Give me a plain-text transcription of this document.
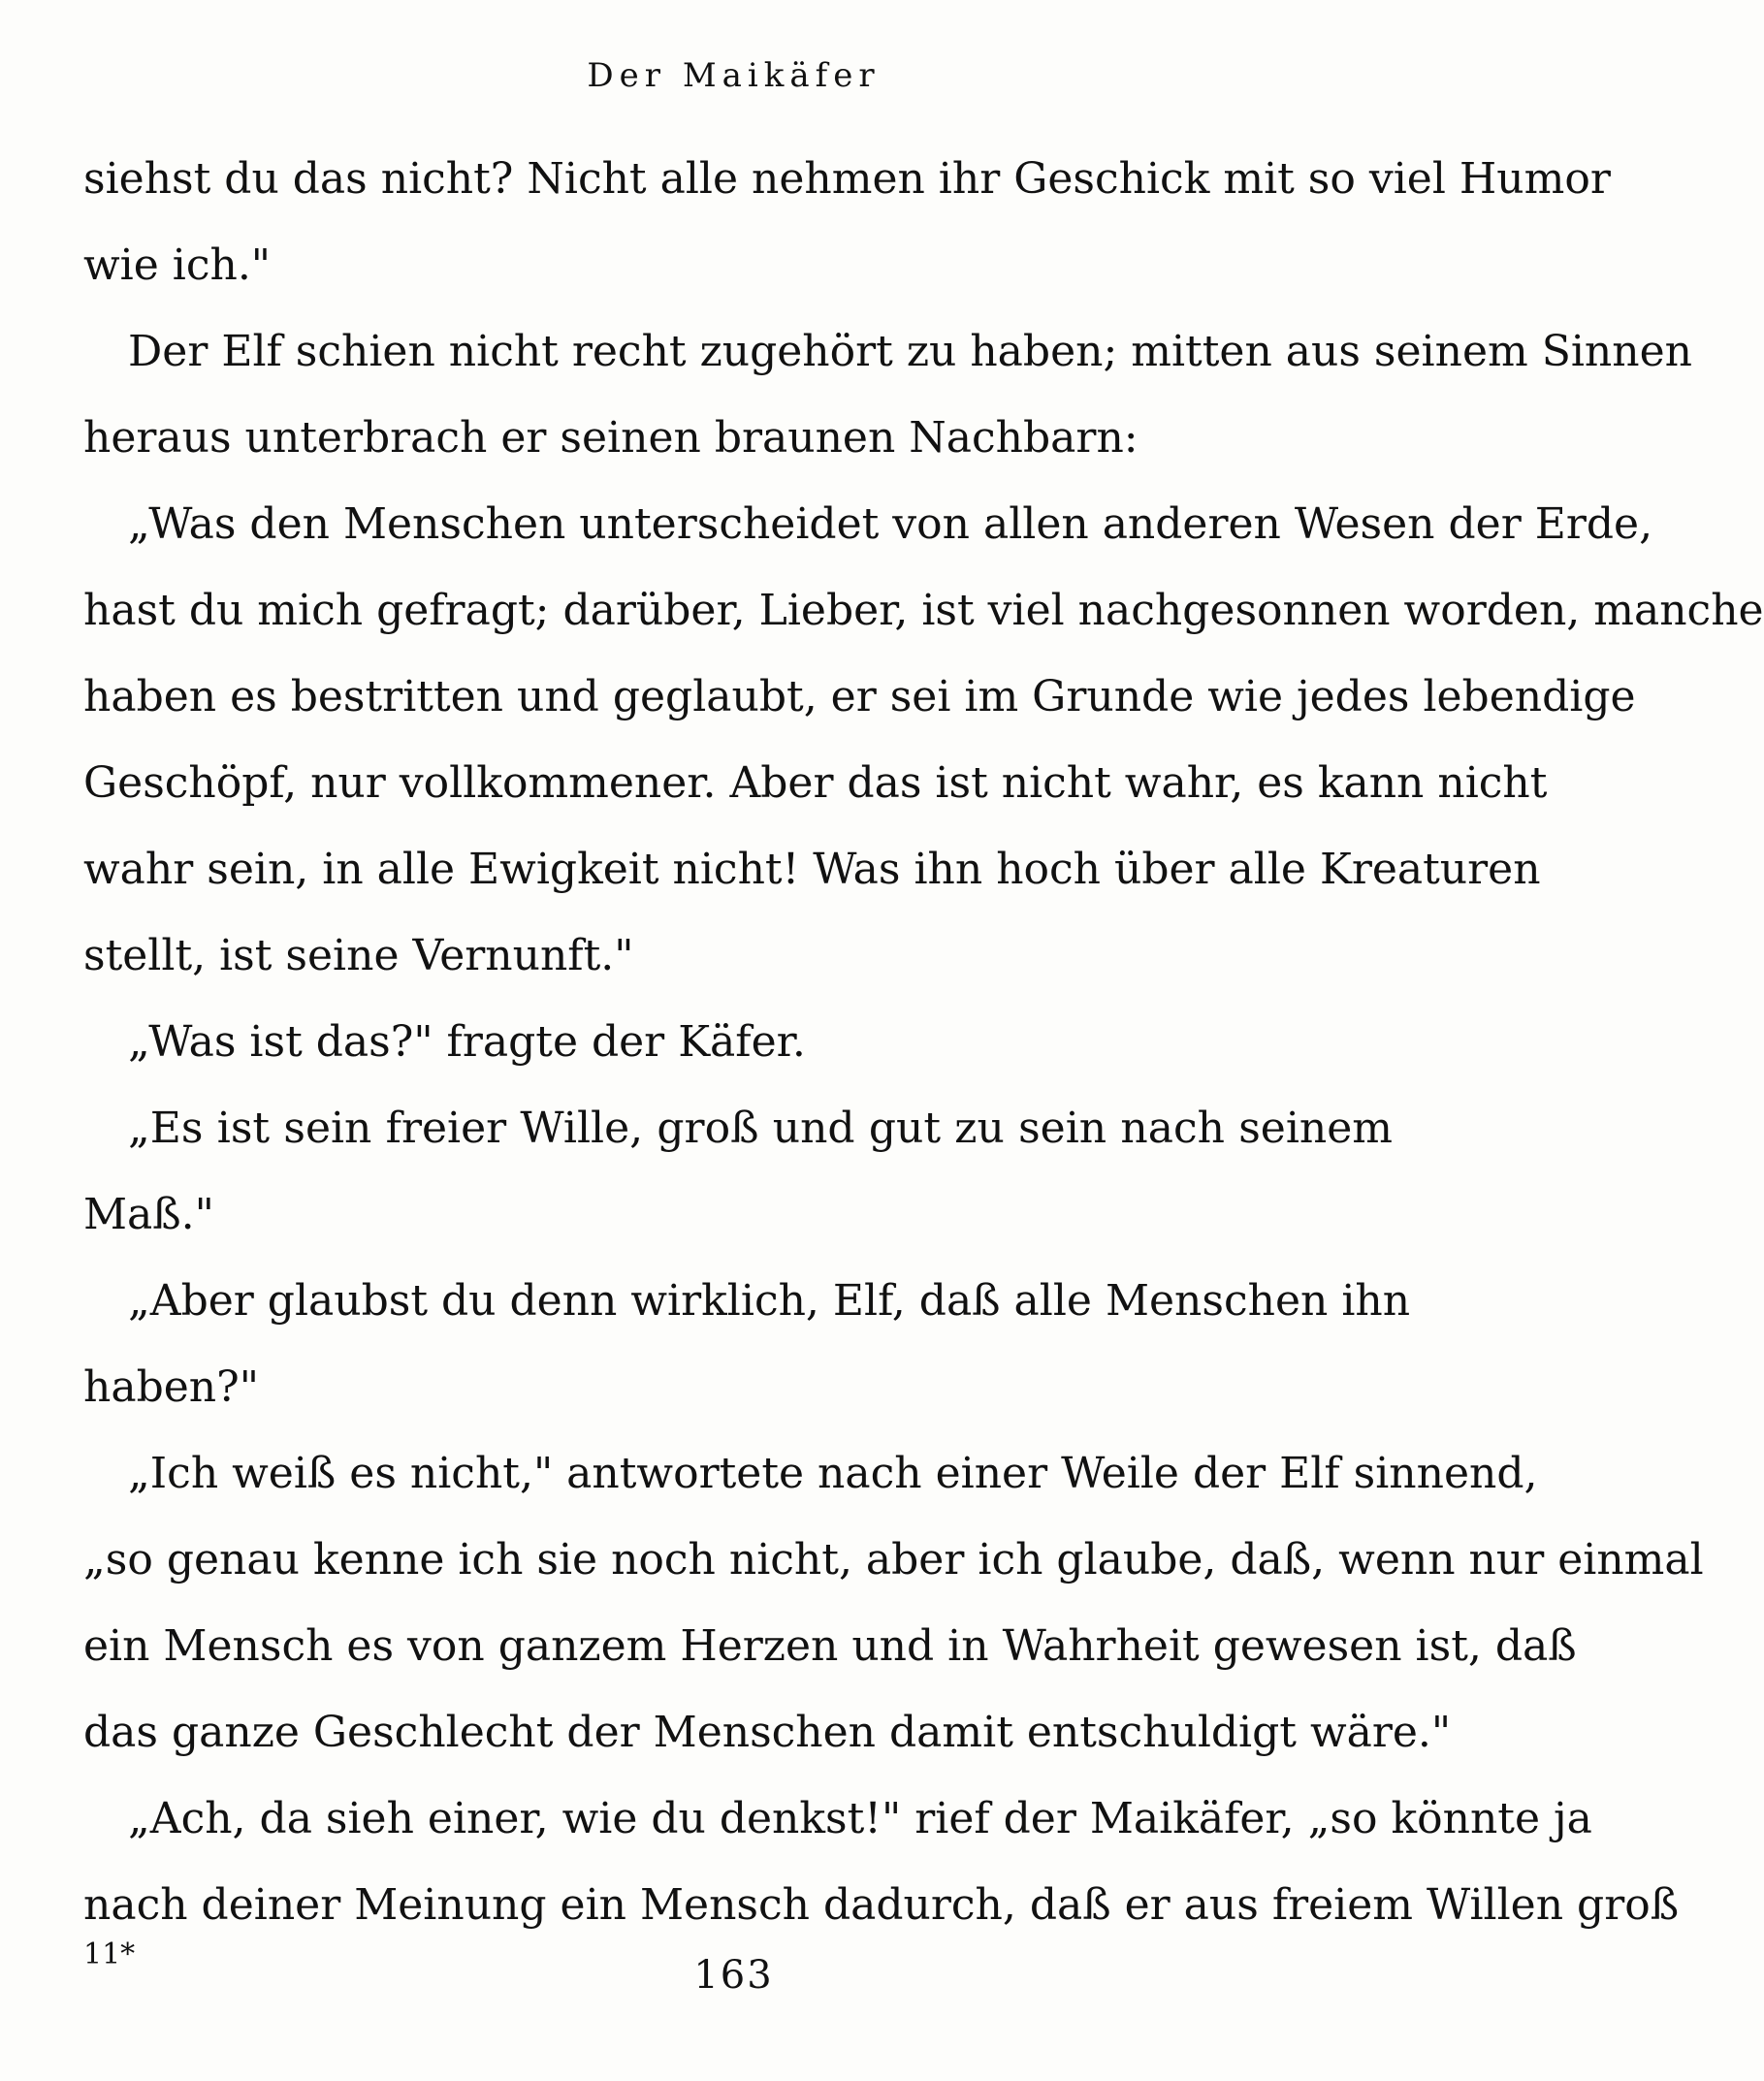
Der Maikäfer
siehst du das nicht? Nicht alle nehmen ihr Geschick mit so viel Humor
wie ich."
Der Elf schien nicht recht zugehört zu haben; mitten aus seinem Sinnen
heraus unterbrach er seinen braunen Nachbarn:
„Was den Menschen unterscheidet von allen anderen Wesen der Erde,
hast du mich gefragt; darüber, Lieber, ist viel nachgesonnen worden, manche
haben es bestritten und geglaubt, er sei im Grunde wie jedes lebendige
Geschöpf, nur vollkommener. Aber das ist nicht wahr, es kann nicht
wahr sein, in alle Ewigkeit nicht! Was ihn hoch über alle Kreaturen
stellt, ist seine Vernunft."
„Was ist das?" fragte der Käfer.
„Es ist sein freier Wille, groß und gut zu sein nach seinem
Maß."
„Aber glaubst du denn wirklich, Elf, daß alle Menschen ihn
haben?"
„Ich weiß es nicht," antwortete nach einer Weile der Elf sinnend,
„so genau kenne ich sie noch nicht, aber ich glaube, daß, wenn nur einmal
ein Mensch es von ganzem Herzen und in Wahrheit gewesen ist, daß
das ganze Geschlecht der Menschen damit entschuldigt wäre."
„Ach, da sieh einer, wie du denkst!" rief der Maikäfer, „so könnte ja
nach deiner Meinung ein Mensch dadurch, daß er aus freiem Willen groß
11*	163
